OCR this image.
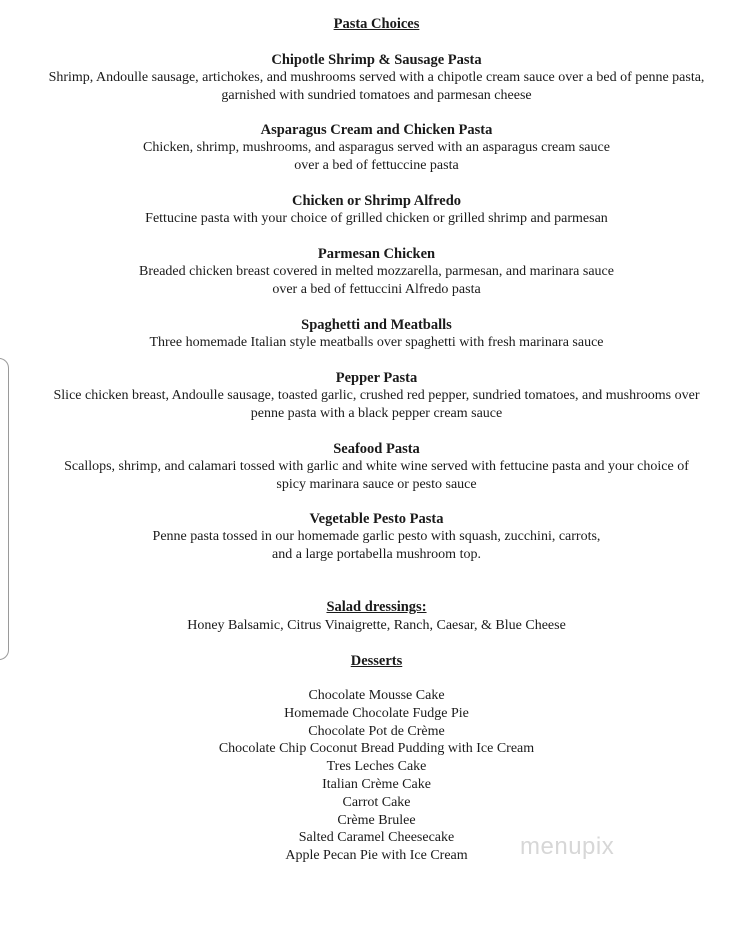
Pasta Choices

Chipotle Shrimp & Sausage Pasta

Shrimp, Andoulle sausage, artichokes, and mushrooms served with a chipotle cream sauce over a bed of penne pasta,
garnished with sundried tomatoes and parmesan cheese

Asparagus Cream and Chicken Pasta

Chicken, shrimp, mushrooms, and asparagus served with an asparagus cream sauce
over a bed of fettuccine pasta

Chicken or Shrimp Alfredo

Fettucine pasta with your choice of grilled chicken or grilled shrimp and parmesan

Parmesan Chicken

Breaded chicken breast covered in melted mozzarella, parmesan, and marinara sauce
over a bed of fettuccini Alfredo pasta

Spaghetti and Meatballs

Three homemade Italian style meatballs over spaghetti with fresh marinara sauce

Pepper Pasta

Slice chicken breast, Andoulle sausage, toasted garlic, crushed red pepper, sundried tomatoes, and mushrooms over
penne pasta with a black pepper cream sauce

Seafood Pasta

Scallops, shrimp, and calamari tossed with garlic and white wine served with fettucine pasta and your choice of
spicy marinara sauce or pesto sauce

Vegetable Pesto Pasta

Penne pasta tossed in our homemade garlic pesto with squash, zucchini, carrots,
and a large portabella mushroom top.

Salad dressings:

Honey Balsamic, Citrus Vinaigrette, Ranch, Caesar, & Blue Cheese

Desserts
Chocolate Mousse Cake
Homemade Chocolate Fudge Pie
Chocolate Pot de Crème
Chocolate Chip Coconut Bread Pudding with Ice Cream
Tres Leches Cake
Italian Crème Cake
Carrot Cake
Crème Brulee
Salted Caramel Cheesecake
Apple Pecan Pie with Ice Cream	menupix
